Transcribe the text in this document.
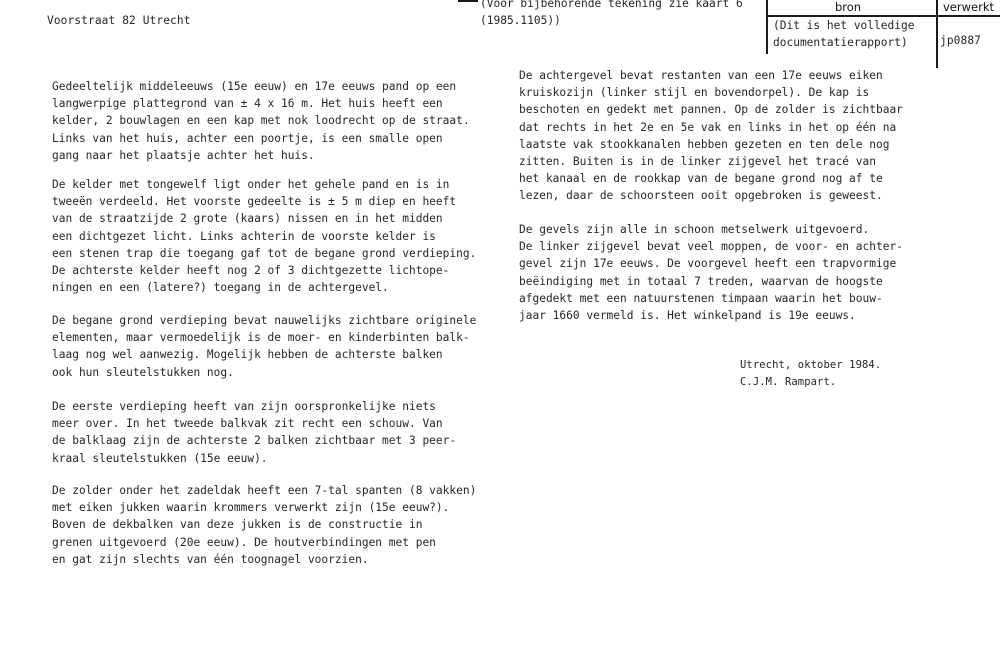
Voorstraat 82 Utrecht
(Voor bijbehorende tekening zie kaart 6
(1985.1105))
bron	verwerkt
(Dit is het volledige
documentatierapport)	jp0887
Gedeeltelijk middeleeuws (15e eeuw) en 17e eeuws pand op een
langwerpige plattegrond van ± 4 x 16 m. Het huis heeft een
kelder, 2 bouwlagen en een kap met nok loodrecht op de straat.
Links van het huis, achter een poortje, is een smalle open
gang naar het plaatsje achter het huis.
De kelder met tongewelf ligt onder het gehele pand en is in
tweeën verdeeld. Het voorste gedeelte is ± 5 m diep en heeft
van de straatzijde 2 grote (kaars) nissen en in het midden
een dichtgezet licht. Links achterin de voorste kelder is
een stenen trap die toegang gaf tot de begane grond verdieping.
De achterste kelder heeft nog 2 of 3 dichtgezette lichtope-
ningen en een (latere?) toegang in de achtergevel.
De begane grond verdieping bevat nauwelijks zichtbare originele
elementen, maar vermoedelijk is de moer- en kinderbinten balk-
laag nog wel aanwezig. Mogelijk hebben de achterste balken
ook hun sleutelstukken nog.
De eerste verdieping heeft van zijn oorspronkelijke niets
meer over. In het tweede balkvak zit recht een schouw. Van
de balklaag zijn de achterste 2 balken zichtbaar met 3 peer-
kraal sleutelstukken (15e eeuw).
De zolder onder het zadeldak heeft een 7-tal spanten (8 vakken)
met eiken jukken waarin krommers verwerkt zijn (15e eeuw?).
Boven de dekbalken van deze jukken is de constructie in
grenen uitgevoerd (20e eeuw). De houtverbindingen met pen
en gat zijn slechts van één toognagel voorzien.
De achtergevel bevat restanten van een 17e eeuws eiken
kruiskozijn (linker stijl en bovendorpel). De kap is
beschoten en gedekt met pannen. Op de zolder is zichtbaar
dat rechts in het 2e en 5e vak en links in het op één na
laatste vak stookkanalen hebben gezeten en ten dele nog
zitten. Buiten is in de linker zijgevel het tracé van
het kanaal en de rookkap van de begane grond nog af te
lezen, daar de schoorsteen ooit opgebroken is geweest.
De gevels zijn alle in schoon metselwerk uitgevoerd.
De linker zijgevel bevat veel moppen, de voor- en achter-
gevel zijn 17e eeuws. De voorgevel heeft een trapvormige
beëindiging met in totaal 7 treden, waarvan de hoogste
afgedekt met een natuurstenen timpaan waarin het bouw-
jaar 1660 vermeld is. Het winkelpand is 19e eeuws.
Utrecht, oktober 1984.
C.J.M. Rampart.
